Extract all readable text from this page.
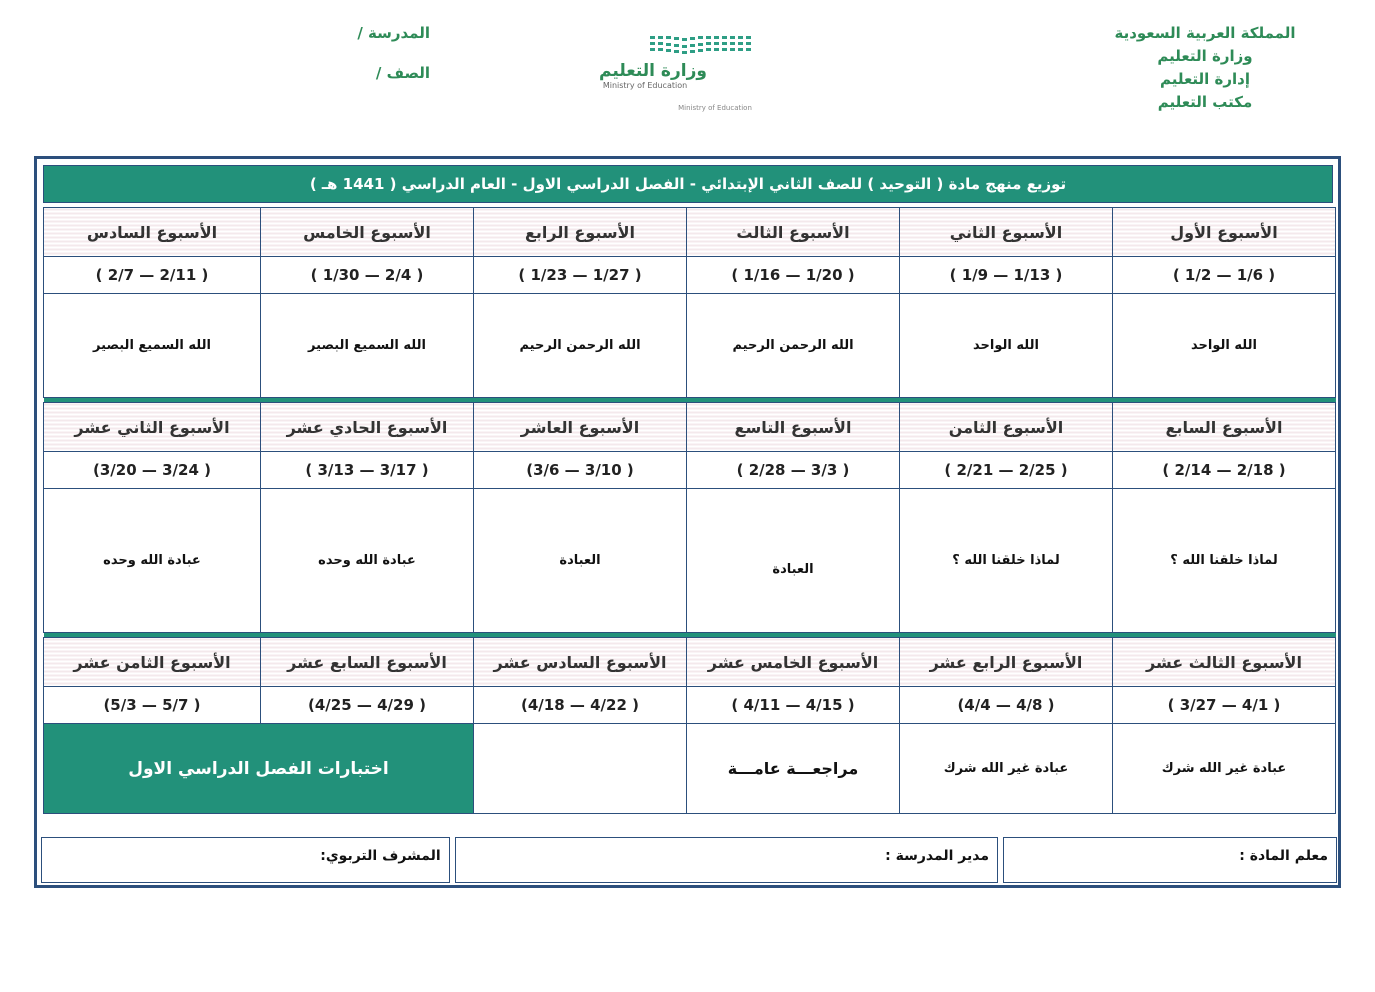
المملكة العربية السعودية
وزارة التعليم
إدارة التعليم
مكتب التعليم
المدرسة /
الصف /	وزارة التعليم
Ministry of Education
Ministry of Education
توزيع منهج مادة ( التوحيد ) للصف الثاني الإبتدائي - الفصل الدراسي الاول - العام الدراسي ( 1441 هـ )
الأسبوع الأول	الأسبوع الثاني	الأسبوع الثالث	الأسبوع الرابع	الأسبوع الخامس	الأسبوع السادس
( 1/2 — 1/6 )	( 1/9 — 1/13 )	( 1/16 — 1/20 )	( 1/23 — 1/27 )	( 1/30 — 2/4 )	( 2/7 — 2/11 )
الله الواحد	الله الواحد	الله الرحمن الرحيم	الله الرحمن الرحيم	الله السميع البصير	الله السميع البصير

الأسبوع السابع	الأسبوع الثامن	الأسبوع التاسع	الأسبوع العاشر	الأسبوع الحادي عشر	الأسبوع الثاني عشر
( 2/14 — 2/18 )	( 2/21 — 2/25 )	( 2/28 — 3/3 )	(3/6 — 3/10 )	( 3/13 — 3/17 )	(3/20 — 3/24 )
لماذا خلقنا الله ؟	لماذا خلقنا الله ؟	العبادة	العبادة	عبادة الله وحده	عبادة الله وحده

الأسبوع الثالث عشر	الأسبوع الرابع عشر	الأسبوع الخامس عشر	الأسبوع السادس عشر	الأسبوع السابع عشر	الأسبوع الثامن عشر
( 3/27 — 4/1 )	(4/4 — 4/8 )	( 4/11 — 4/15 )	(4/18 — 4/22 )	(4/25 — 4/29 )	(5/3 — 5/7 )
عبادة غير الله شرك	عبادة غير الله شرك	مراجعـــة عامـــة		اختبارات الفصل الدراسي الاول	
معلم المادة :
مدير المدرسة :
المشرف التربوي:
